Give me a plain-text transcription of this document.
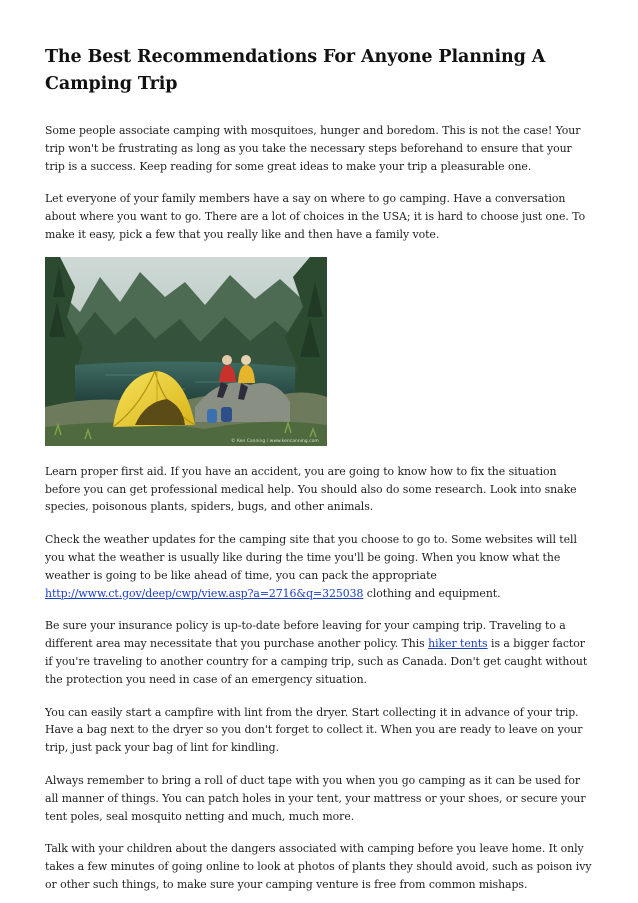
The Best Recommendations For Anyone Planning A Camping Trip

Some people associate camping with mosquitoes, hunger and boredom. This is not the case! Your trip won't be frustrating as long as you take the necessary steps beforehand to ensure that your trip is a success. Keep reading for some great ideas to make your trip a pleasurable one.

Let everyone of your family members have a say on where to go camping. Have a conversation about where you want to go. There are a lot of choices in the USA; it is hard to choose just one. To make it easy, pick a few that you really like and then have a family vote.

© Ken Canning / www.kencanning.com

Learn proper first aid. If you have an accident, you are going to know how to fix the situation before you can get professional medical help. You should also do some research. Look into snake species, poisonous plants, spiders, bugs, and other animals.

Check the weather updates for the camping site that you choose to go to. Some websites will tell you what the weather is usually like during the time you'll be going. When you know what the weather is going to be like ahead of time, you can pack the appropriate http://www.ct.gov/deep/cwp/view.asp?a=2716&q=325038 clothing and equipment.

Be sure your insurance policy is up-to-date before leaving for your camping trip. Traveling to a different area may necessitate that you purchase another policy. This hiker tents is a bigger factor if you're traveling to another country for a camping trip, such as Canada. Don't get caught without the protection you need in case of an emergency situation.

You can easily start a campfire with lint from the dryer. Start collecting it in advance of your trip. Have a bag next to the dryer so you don't forget to collect it. When you are ready to leave on your trip, just pack your bag of lint for kindling.

Always remember to bring a roll of duct tape with you when you go camping as it can be used for all manner of things. You can patch holes in your tent, your mattress or your shoes, or secure your tent poles, seal mosquito netting and much, much more.

Talk with your children about the dangers associated with camping before you leave home. It only takes a few minutes of going online to look at photos of plants they should avoid, such as poison ivy or other such things, to make sure your camping venture is free from common mishaps.
